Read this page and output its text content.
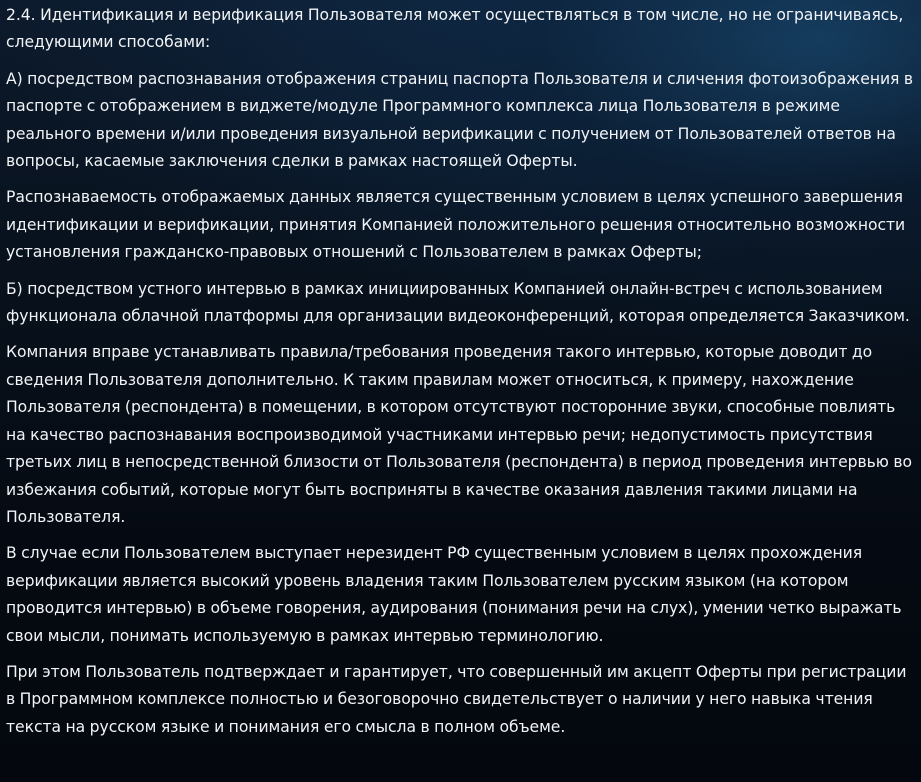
2.4. Идентификация и верификация Пользователя может осуществляться в том числе, но не ограничиваясь, следующими способами:

А) посредством распознавания отображения страниц паспорта Пользователя и сличения фотоизображения в паспорте с отображением в виджете/модуле Программного комплекса лица Пользователя в режиме реального времени и/или проведения визуальной верификации с получением от Пользователей ответов на вопросы, касаемые заключения сделки в рамках настоящей Оферты.

Распознаваемость отображаемых данных является существенным условием в целях успешного завершения идентификации и верификации, принятия Компанией положительного решения относительно возможности установления гражданско-правовых отношений с Пользователем в рамках Оферты;

Б) посредством устного интервью в рамках инициированных Компанией онлайн-встреч с использованием функционала облачной платформы для организации видеоконференций, которая определяется Заказчиком.

Компания вправе устанавливать правила/требования проведения такого интервью, которые доводит до сведения Пользователя дополнительно. К таким правилам может относиться, к примеру, нахождение Пользователя (респондента) в помещении, в котором отсутствуют посторонние звуки, способные повлиять на качество распознавания воспроизводимой участниками интервью речи; недопустимость присутствия третьих лиц в непосредственной близости от Пользователя (респондента) в период проведения интервью во избежания событий, которые могут быть восприняты в качестве оказания давления такими лицами на Пользователя.

В случае если Пользователем выступает нерезидент РФ существенным условием в целях прохождения верификации является высокий уровень владения таким Пользователем русским языком (на котором проводится интервью) в объеме говорения, аудирования (понимания речи на слух), умении четко выражать свои мысли, понимать используемую в рамках интервью терминологию.

При этом Пользователь подтверждает и гарантирует, что совершенный им акцепт Оферты при регистрации в Программном комплексе полностью и безоговорочно свидетельствует о наличии у него навыка чтения текста на русском языке и понимания его смысла в полном объеме.
